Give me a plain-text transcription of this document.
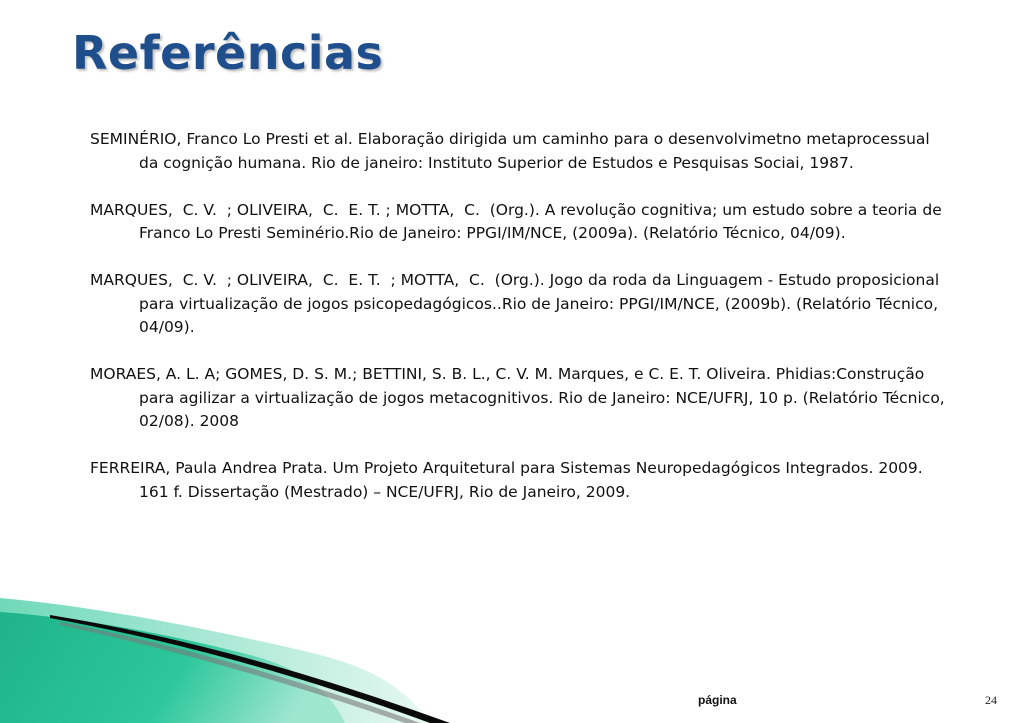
Referências

SEMINÉRIO, Franco Lo Presti et al. Elaboração dirigida um caminho para o desenvolvimetno metaprocessual da cognição humana. Rio de janeiro: Instituto Superior de Estudos e Pesquisas Sociai, 1987.

MARQUES,  C. V.  ; OLIVEIRA,  C.  E. T. ; MOTTA,  C.  (Org.). A revolução cognitiva; um estudo sobre a teoria de Franco Lo Presti Seminério.Rio de Janeiro: PPGI/IM/NCE, (2009a). (Relatório Técnico, 04/09).

MARQUES,  C. V.  ; OLIVEIRA,  C.  E. T.  ; MOTTA,  C.  (Org.). Jogo da roda da Linguagem - Estudo proposicional para virtualização de jogos psicopedagógicos..Rio de Janeiro: PPGI/IM/NCE, (2009b). (Relatório Técnico, 04/09).

MORAES, A. L. A; GOMES, D. S. M.; BETTINI, S. B. L., C. V. M. Marques, e C. E. T. Oliveira. Phidias:Construção para agilizar a virtualização de jogos metacognitivos. Rio de Janeiro: NCE/UFRJ, 10 p. (Relatório Técnico, 02/08). 2008

FERREIRA, Paula Andrea Prata. Um Projeto Arquitetural para Sistemas Neuropedagógicos Integrados. 2009. 161 f. Dissertação (Mestrado) – NCE/UFRJ, Rio de Janeiro, 2009.

página	24
